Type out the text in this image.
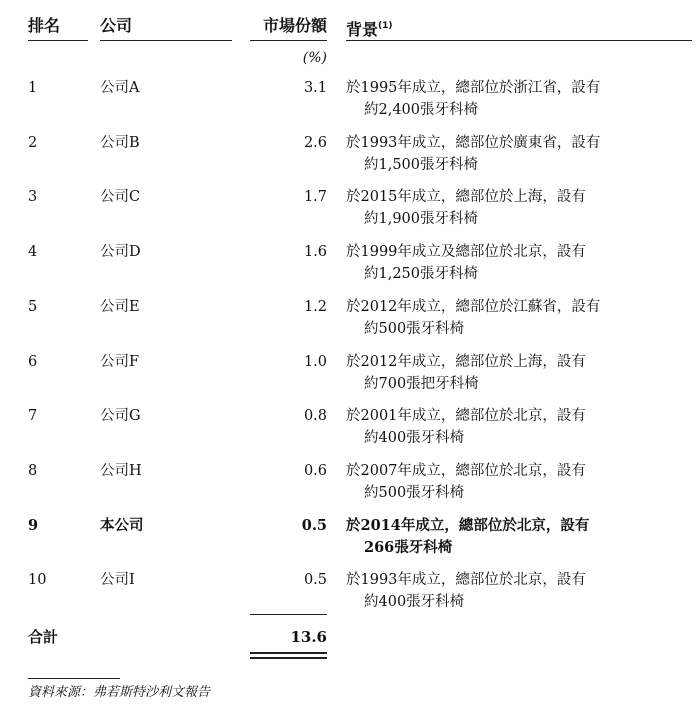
排名 公司	市場份額 背景$^{(1)}$
(%)
1	公司A	3.1 於1995年成立，總部位於浙江省，設有
約2,400張牙科椅
2	公司B	2.6 於1993年成立，總部位於廣東省，設有
約1,500張牙科椅
3	公司C	1.7 於2015年成立，總部位於上海，設有
約1,900張牙科椅
4	公司D	1.6 於1999年成立及總部位於北京，設有
約1,250張牙科椅
5	公司E	1.2 於2012年成立，總部位於江蘇省，設有
約500張牙科椅
6	公司F	1.0 於2012年成立，總部位於上海，設有
約700張把牙科椅
7	公司G	0.8 於2001年成立，總部位於北京，設有
約400張牙科椅
8	公司H	0.6 於2007年成立，總部位於北京，設有
約500張牙科椅
9	本公司	0.5 於2014年成立，總部位於北京，設有
266張牙科椅
10	公司I	0.5 於1993年成立，總部位於北京，設有
約400張牙科椅
合計	13.6
資料來源：弗若斯特沙利文報告
